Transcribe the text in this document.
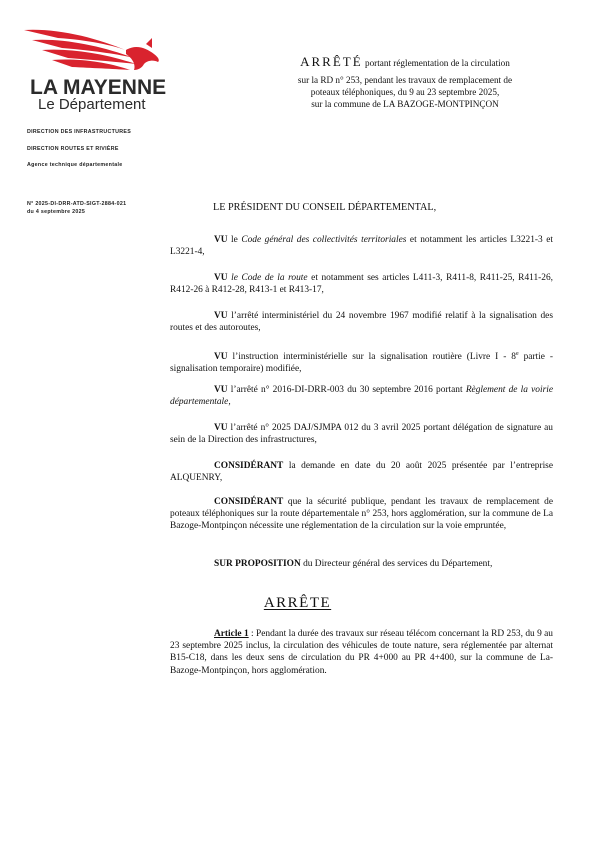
LA MAYENNE
Le Département
ARRÊTÉ portant réglementation de la circulation
sur la RD n° 253, pendant les travaux de remplacement de
poteaux téléphoniques, du 9 au 23 septembre 2025,
sur la commune de LA BAZOGE-MONTPINÇON
DIRECTION DES INFRASTRUCTURES
DIRECTION ROUTES ET RIVIÈRE
Agence technique départementale
N° 2025-DI-DRR-ATD-SIGT-2884-021
du 4 septembre 2025	LE PRÉSIDENT DU CONSEIL DÉPARTEMENTAL,
VU le Code général des collectivités territoriales et notamment les articles L3221-3 et L3221-4,
VU le Code de la route et notamment ses articles L411-3, R411-8, R411-25, R411-26, R412-26 à R412-28, R413-1 et R413-17,
VU l’arrêté interministériel du 24 novembre 1967 modifié relatif à la signalisation des routes et des autoroutes,
VU l’instruction interministérielle sur la signalisation routière (Livre I - 8e partie - signalisation temporaire) modifiée,
VU l’arrêté n° 2016-DI-DRR-003 du 30 septembre 2016 portant Règlement de la voirie départementale,
VU l’arrêté n° 2025 DAJ/SJMPA 012 du 3 avril 2025 portant délégation de signature au sein de la Direction des infrastructures,
CONSIDÉRANT la demande en date du 20 août 2025 présentée par l’entreprise ALQUENRY,
CONSIDÉRANT que la sécurité publique, pendant les travaux de remplacement de poteaux téléphoniques sur la route départementale n° 253, hors agglomération, sur la commune de La Bazoge-Montpinçon nécessite une réglementation de la circulation sur la voie empruntée,
SUR PROPOSITION du Directeur général des services du Département,
ARRÊTE
Article 1 : Pendant la durée des travaux sur réseau télécom concernant la RD 253, du 9 au 23 septembre 2025 inclus, la circulation des véhicules de toute nature, sera réglementée par alternat B15-C18, dans les deux sens de circulation du PR 4+000 au PR 4+400, sur la commune de La-Bazoge-Montpinçon, hors agglomération.
